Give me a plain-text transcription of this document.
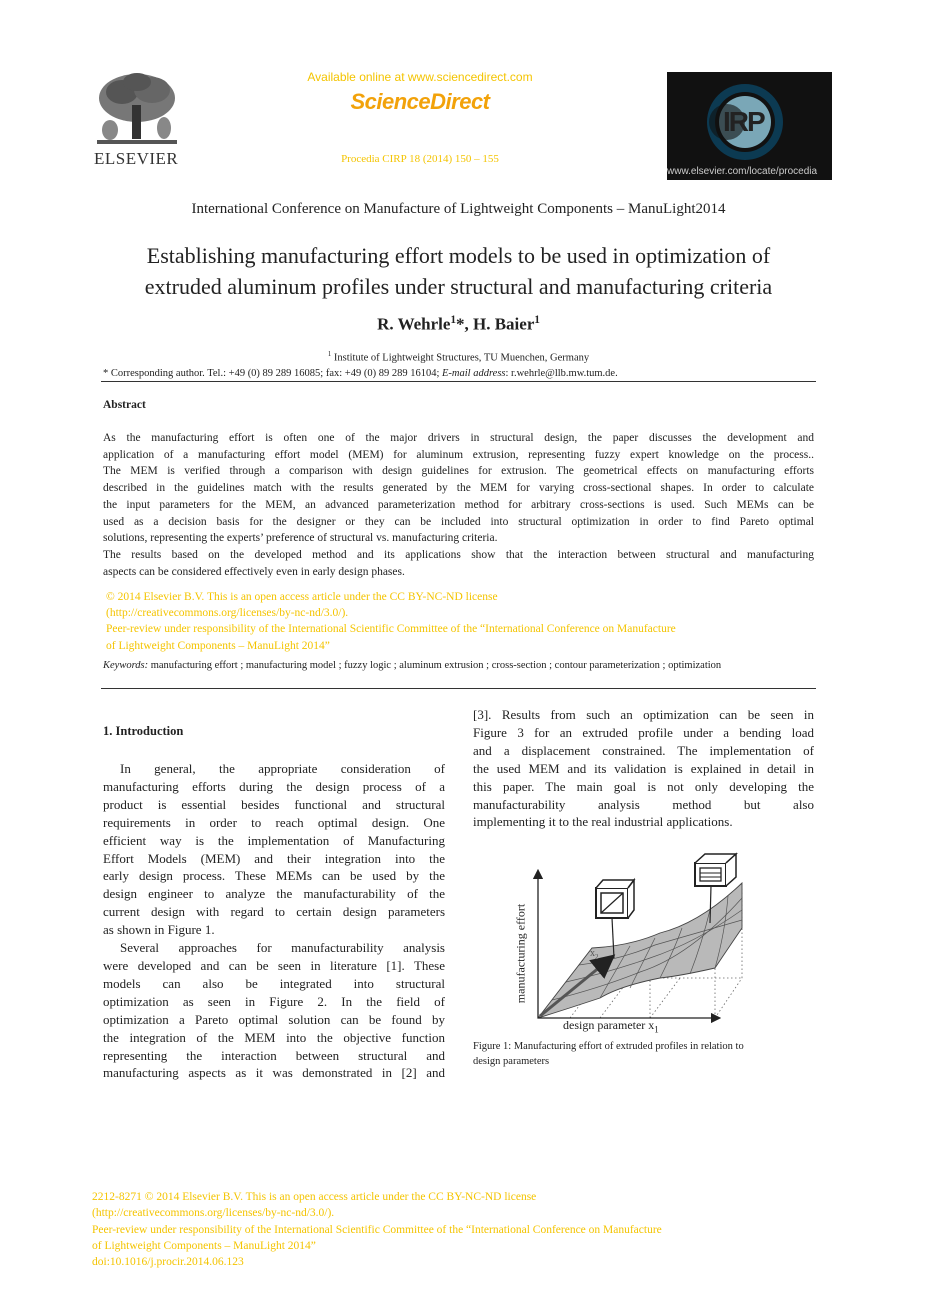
ELSEVIER
Available online at www.sciencedirect.com
ScienceDirect
Procedia CIRP 18 (2014) 150 – 155
IRP
www.elsevier.com/locate/procedia
International Conference on Manufacture of Lightweight Components – ManuLight2014
Establishing manufacturing effort models to be used in optimization of
extruded aluminum profiles under structural and manufacturing criteria
R. Wehrle$^1$*, H. Baier$^1$
$^1$ Institute of Lightweight Structures, TU Muenchen, Germany
* Corresponding author. Tel.: +49 (0) 89 289 16085; fax: +49 (0) 89 289 16104; E-mail address: r.wehrle@llb.mw.tum.de.
Abstract
As the manufacturing effort is often one of the major drivers in structural design, the paper discusses the development and
application of a manufacturing effort model (MEM) for aluminum extrusion, representing fuzzy expert knowledge on the process..
The MEM is verified through a comparison with design guidelines for extrusion. The geometrical effects on manufacturing efforts
described in the guidelines match with the results generated by the MEM for varying cross-sectional shapes. In order to calculate
the input parameters for the MEM, an advanced parameterization method for arbitrary cross-sections is used. Such MEMs can be
used as a decision basis for the designer or they can be included into structural optimization in order to find Pareto optimal
solutions, representing the experts’ preference of structural vs. manufacturing criteria.
The results based on the developed method and its applications show that the interaction between structural and manufacturing
aspects can be considered effectively even in early design phases.
© 2014 Elsevier B.V. This is an open access article under the CC BY-NC-ND license
(http://creativecommons.org/licenses/by-nc-nd/3.0/).
Peer-review under responsibility of the International Scientific Committee of the “International Conference on Manufacture
of Lightweight Components – ManuLight 2014”
Keywords: manufacturing effort ; manufacturing model ; fuzzy logic ; aluminum extrusion ; cross-section ; contour parameterization ; optimization
1. Introduction
In general, the appropriate consideration of
manufacturing efforts during the design process of a
product is essential besides functional and structural
requirements in order to reach optimal design. One
efficient way is the implementation of Manufacturing
Effort Models (MEM) and their integration into the
early design process. These MEMs can be used by the
design engineer to analyze the manufacturability of the
current design with regard to certain design parameters
as shown in Figure 1.
Several approaches for manufacturability analysis
were developed and can be seen in literature [1]. These
models can also be integrated into structural
optimization as seen in Figure 2. In the field of
optimization a Pareto optimal solution can be found by
the integration of the MEM into the objective function
representing the interaction between structural and
manufacturing aspects as it was demonstrated in [2] and
[3]. Results from such an optimization can be seen in
Figure 3 for an extruded profile under a bending load
and a displacement constrained. The implementation of
the used MEM and its validation is explained in detail in
this paper. The main goal is not only developing the
manufacturability analysis method but also
implementing it to the real industrial applications.
$x_2$
manufacturing effort
design parameter $x_1$
Figure 1: Manufacturing effort of extruded profiles in relation to
design parameters
2212-8271 © 2014 Elsevier B.V. This is an open access article under the CC BY-NC-ND license
(http://creativecommons.org/licenses/by-nc-nd/3.0/).
Peer-review under responsibility of the International Scientific Committee of the “International Conference on Manufacture
of Lightweight Components – ManuLight 2014”
doi:10.1016/j.procir.2014.06.123
